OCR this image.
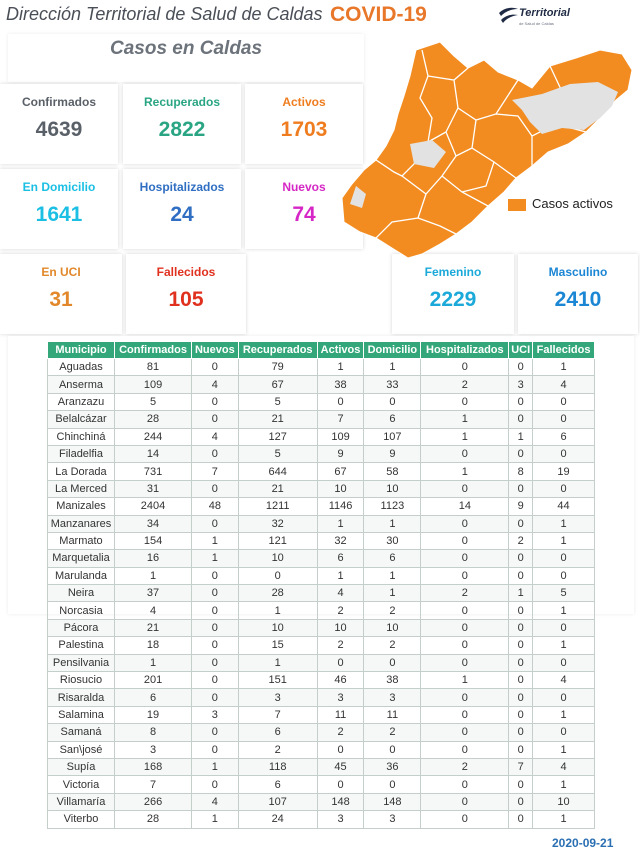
Dirección Territorial de Salud de Caldas COVID-19	Territorial
de Salud de Caldas
Casos en Caldas
Confirmados
4639
Recuperados
2822
Activos
1703
En Domicilio
1641
Hospitalizados
24
Nuevos
74
En UCI
31
Fallecidos
105
Femenino
2229
Masculino
2410
Casos activos
Municipio	Confirmados	Nuevos	Recuperados	Activos	Domicilio	Hospitalizados	UCI	Fallecidos
Aguadas	81	0	79	1	1	0	0	1
Anserma	109	4	67	38	33	2	3	4
Aranzazu	5	0	5	0	0	0	0	0
Belalcázar	28	0	21	7	6	1	0	0
Chinchiná	244	4	127	109	107	1	1	6
Filadelfia	14	0	5	9	9	0	0	0
La Dorada	731	7	644	67	58	1	8	19
La Merced	31	0	21	10	10	0	0	0
Manizales	2404	48	1211	1146	1123	14	9	44
Manzanares	34	0	32	1	1	0	0	1
Marmato	154	1	121	32	30	0	2	1
Marquetalia	16	1	10	6	6	0	0	0
Marulanda	1	0	0	1	1	0	0	0
Neira	37	0	28	4	1	2	1	5
Norcasia	4	0	1	2	2	0	0	1
Pácora	21	0	10	10	10	0	0	0
Palestina	18	0	15	2	2	0	0	1
Pensilvania	1	0	1	0	0	0	0	0
Riosucio	201	0	151	46	38	1	0	4
Risaralda	6	0	3	3	3	0	0	0
Salamina	19	3	7	11	11	0	0	1
Samaná	8	0	6	2	2	0	0	0
San\josé	3	0	2	0	0	0	0	1
Supía	168	1	118	45	36	2	7	4
Victoria	7	0	6	0	0	0	0	1
Villamaría	266	4	107	148	148	0	0	10
Viterbo	28	1	24	3	3	0	0	1
2020-09-21
